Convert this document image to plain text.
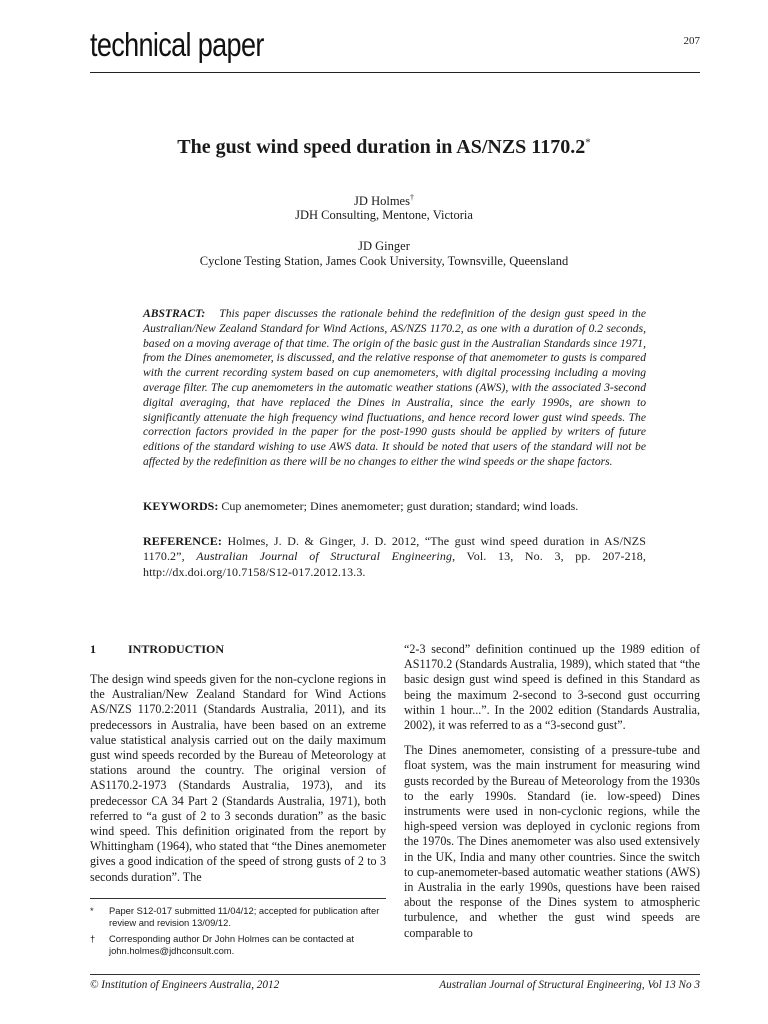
technical paper	207
The gust wind speed duration in AS/NZS 1170.2*
JD Holmes†
JDH Consulting, Mentone, Victoria
JD Ginger
Cyclone Testing Station, James Cook University, Townsville, Queensland
ABSTRACT: This paper discusses the rationale behind the redefinition of the design gust speed in the Australian/New Zealand Standard for Wind Actions, AS/NZS 1170.2, as one with a duration of 0.2 seconds, based on a moving average of that time. The origin of the basic gust in the Australian Standards since 1971, from the Dines anemometer, is discussed, and the relative response of that anemometer to gusts is compared with the current recording system based on cup anemometers, with digital processing including a moving average filter. The cup anemometers in the automatic weather stations (AWS), with the associated 3-second digital averaging, that have replaced the Dines in Australia, since the early 1990s, are shown to significantly attenuate the high frequency wind fluctuations, and hence record lower gust wind speeds. The correction factors provided in the paper for the post-1990 gusts should be applied by writers of future editions of the standard wishing to use AWS data. It should be noted that users of the standard will not be affected by the redefinition as there will be no changes to either the wind speeds or the shape factors.
KEYWORDS: Cup anemometer; Dines anemometer; gust duration; standard; wind loads.
REFERENCE: Holmes, J. D. & Ginger, J. D. 2012, “The gust wind speed duration in AS/NZS 1170.2”, Australian Journal of Structural Engineering, Vol. 13, No. 3, pp. 207-218, http://dx.doi.org/10.7158/S12-017.2012.13.3.
1	INTRODUCTION

The design wind speeds given for the non-cyclone regions in the Australian/New Zealand Standard for Wind Actions AS/NZS 1170.2:2011 (Standards Australia, 2011), and its predecessors in Australia, have been based on an extreme value statistical analysis carried out on the daily maximum gust wind speeds recorded by the Bureau of Meteorology at stations around the country. The original version of AS1170.2-1973 (Standards Australia, 1973), and its predecessor CA 34 Part 2 (Standards Australia, 1971), both referred to “a gust of 2 to 3 seconds duration” as the basic wind speed. This definition originated from the report by Whittingham (1964), who stated that “the Dines anemometer gives a good indication of the speed of strong gusts of 2 to 3 seconds duration”. The

“2-3 second” definition continued up the 1989 edition of AS1170.2 (Standards Australia, 1989), which stated that “the basic design gust wind speed is defined in this Standard as being the maximum 2-second to 3-second gust occurring within 1 hour...”. In the 2002 edition (Standards Australia, 2002), it was referred to as a “3-second gust”.

The Dines anemometer, consisting of a pressure-tube and float system, was the main instrument for measuring wind gusts recorded by the Bureau of Meteorology from the 1930s to the early 1990s. Standard (ie. low-speed) Dines instruments were used in non-cyclonic regions, while the high-speed version was deployed in cyclonic regions from the 1970s. The Dines anemometer was also used extensively in the UK, India and many other countries. Since the switch to cup-anemometer-based automatic weather stations (AWS) in Australia in the early 1990s, questions have been raised about the response of the Dines system to atmospheric turbulence, and whether the gust wind speeds are comparable to

* Paper S12-017 submitted 11/04/12; accepted for publication after review and revision 13/09/12.
† Corresponding author Dr John Holmes can be contacted at john.holmes@jdhconsult.com.
© Institution of Engineers Australia, 2012	Australian Journal of Structural Engineering, Vol 13 No 3
